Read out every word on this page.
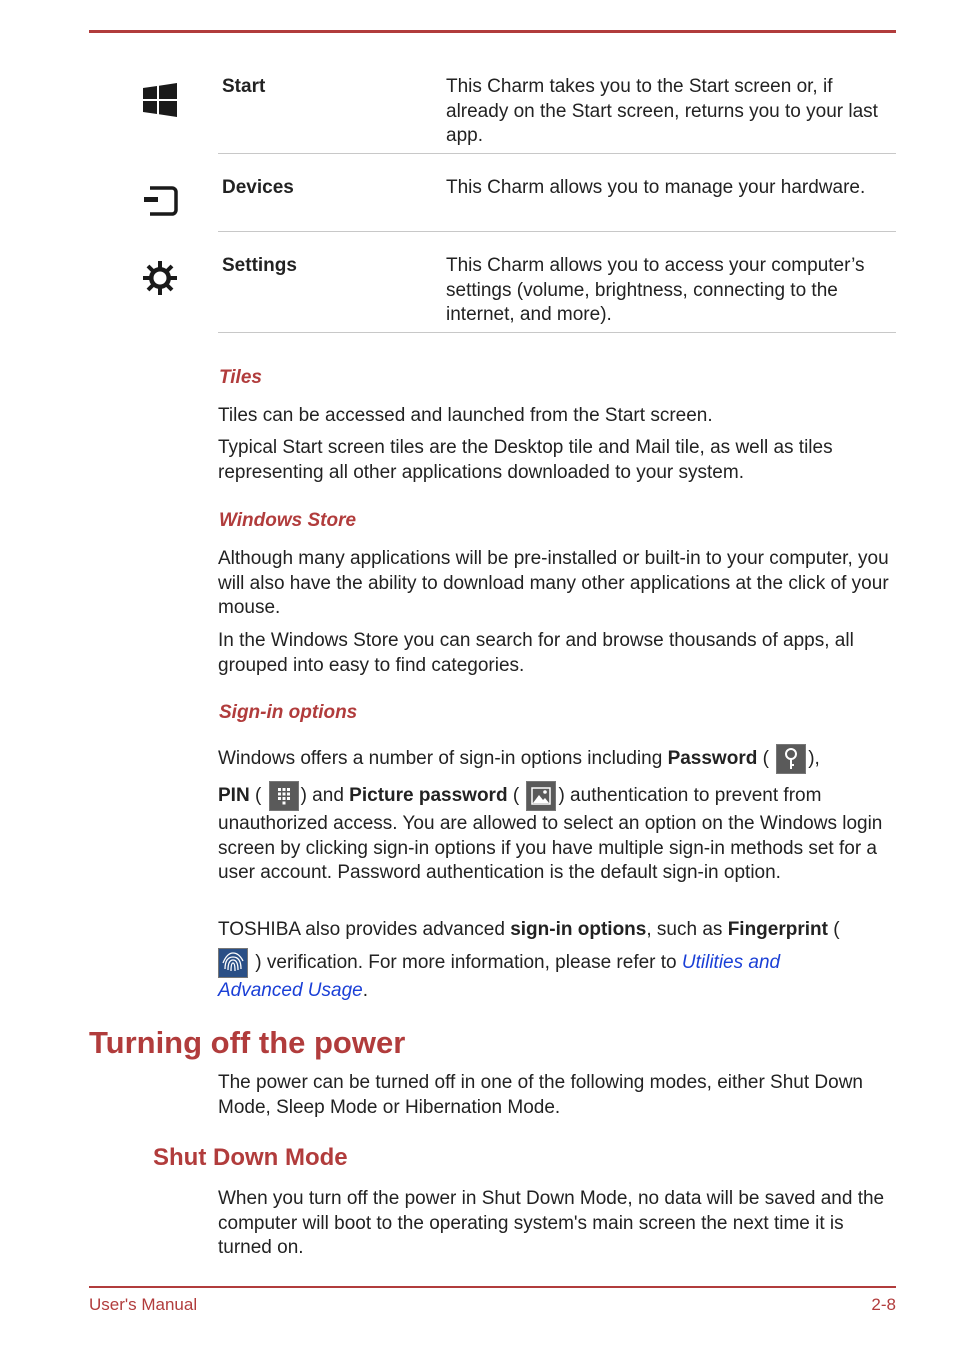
Start	This Charm takes you to the Start screen or, if already on the Start screen, returns you to your last app.
Devices	This Charm allows you to manage your hardware.
Settings	This Charm allows you to access your computer’s settings (volume, brightness, connecting to the internet, and more).
Tiles
Tiles can be accessed and launched from the Start screen.
Typical Start screen tiles are the Desktop tile and Mail tile, as well as tiles representing all other applications downloaded to your system.
Windows Store
Although many applications will be pre-installed or built-in to your computer, you will also have the ability to download many other applications at the click of your mouse.
In the Windows Store you can search for and browse thousands of apps, all grouped into easy to find categories.
Sign-in options
Windows offers a number of sign-in options including Password ( ),
PIN ( ) and Picture password ( ) authentication to prevent from
unauthorized access. You are allowed to select an option on the Windows login screen by clicking sign-in options if you have multiple sign-in methods set for a user account. Password authentication is the default sign-in option.
TOSHIBA also provides advanced sign-in options, such as Fingerprint (
) verification. For more information, please refer to Utilities and
Advanced Usage.
Turning off the power
The power can be turned off in one of the following modes, either Shut Down Mode, Sleep Mode or Hibernation Mode.
Shut Down Mode
When you turn off the power in Shut Down Mode, no data will be saved and the computer will boot to the operating system's main screen the next time it is turned on.
User's Manual	2-8
